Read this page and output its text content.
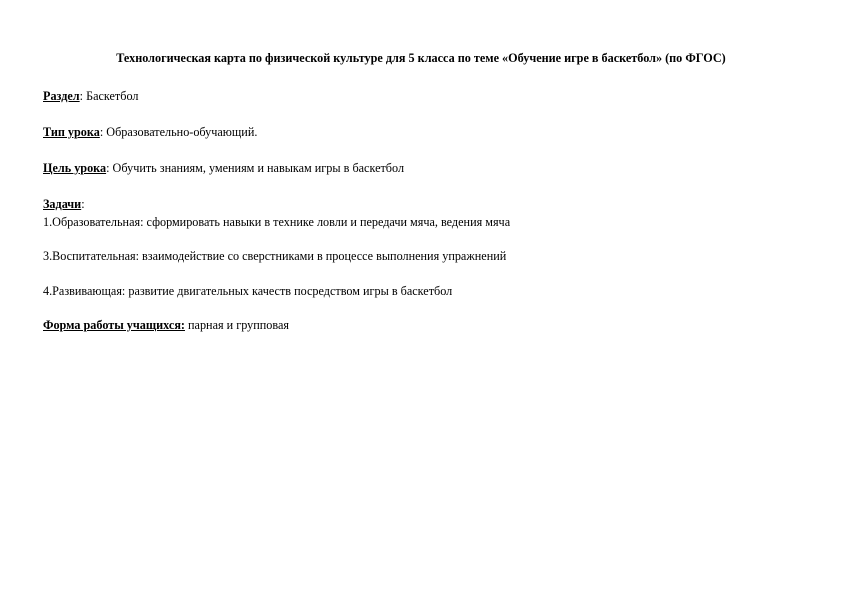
Технологическая карта по физической культуре для 5 класса по теме «Обучение игре в баскетбол» (по ФГОС)
Раздел: Баскетбол
Тип урока: Образовательно-обучающий.
Цель урока: Обучить знаниям, умениям и навыкам игры в баскетбол
Задачи:
1.Образовательная: сформировать навыки в технике ловли и передачи мяча, ведения мяча
3.Воспитательная: взаимодействие со сверстниками в процессе выполнения упражнений
4.Развивающая: развитие двигательных качеств посредством игры в баскетбол
Форма работы учащихся: парная и групповая
